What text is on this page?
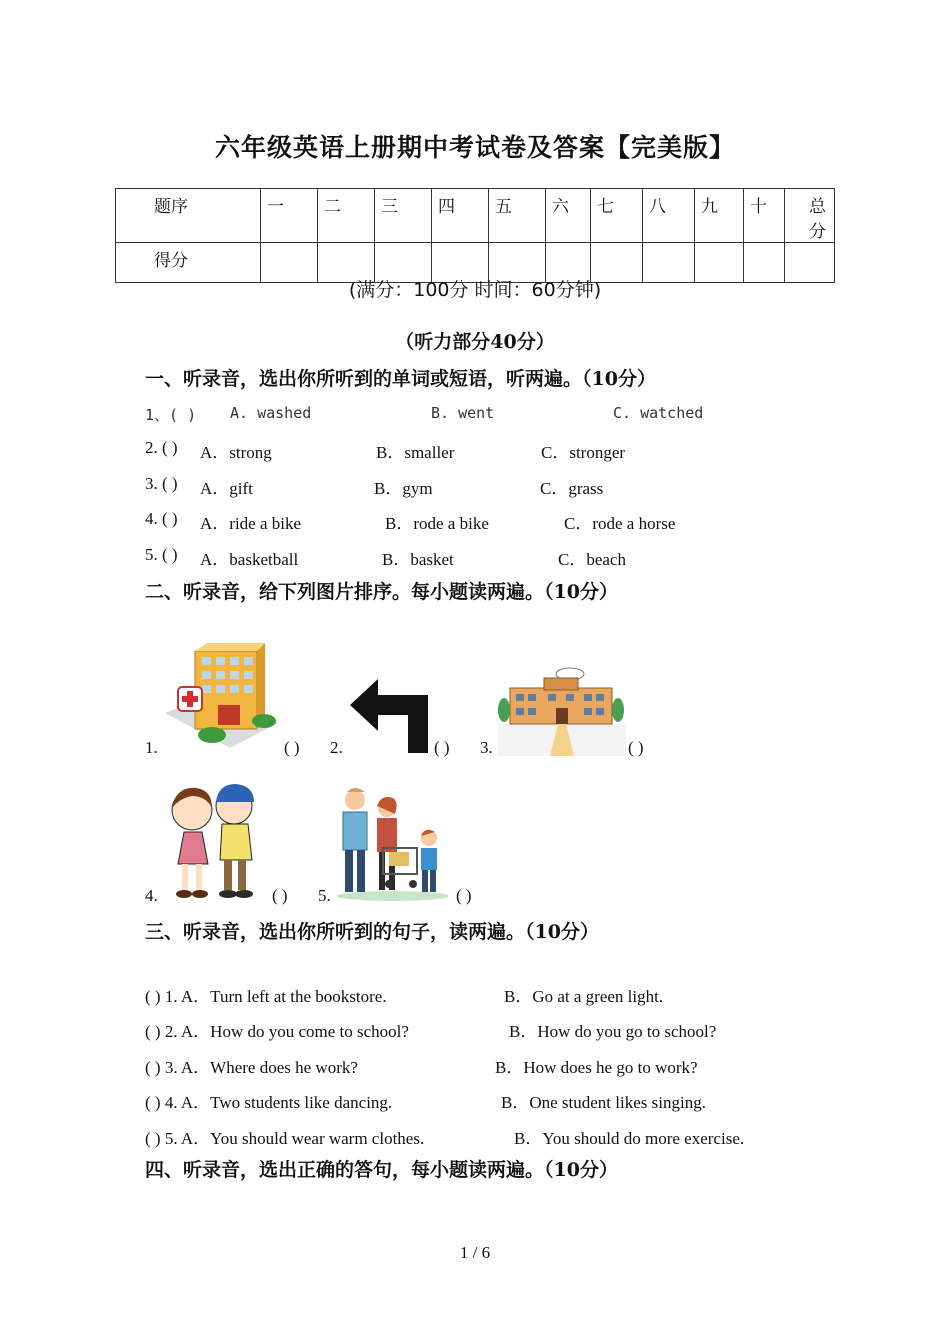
六年级英语上册期中考试卷及答案【完美版】
题序	一	二	三	四	五	六	七	八	九	十	总分
得分											
(满分：100分 时间：60分钟)
（听力部分40分）
一、听录音，选出你所听到的单词或短语，听两遍。（10分）
1、( ) A. washed	B. went	C. watched
2. ( ) A．strong	B．smaller	C．stronger
3. ( ) A．gift	B．gym	C．grass
4. ( ) A．ride a bike	B．rode a bike	C．rode a horse
5. ( ) A．basketball	B．basket	C．beach
二、听录音，给下列图片排序。每小题读两遍。（10分）
1.	( ) 2.	( ) 3.	( )
4.	( ) 5.	( )
三、听录音，选出你所听到的句子，读两遍。（10分）
( ) 1. A．Turn left at the bookstore.	B．Go at a green light.
( ) 2. A．How do you come to school?	B．How do you go to school?
( ) 3. A．Where does he work?	B．How does he go to work?
( ) 4. A．Two students like dancing.	B．One student likes singing.
( ) 5. A．You should wear warm clothes.	B．You should do more exercise.
四、听录音，选出正确的答句，每小题读两遍。（10分）
1 / 6
